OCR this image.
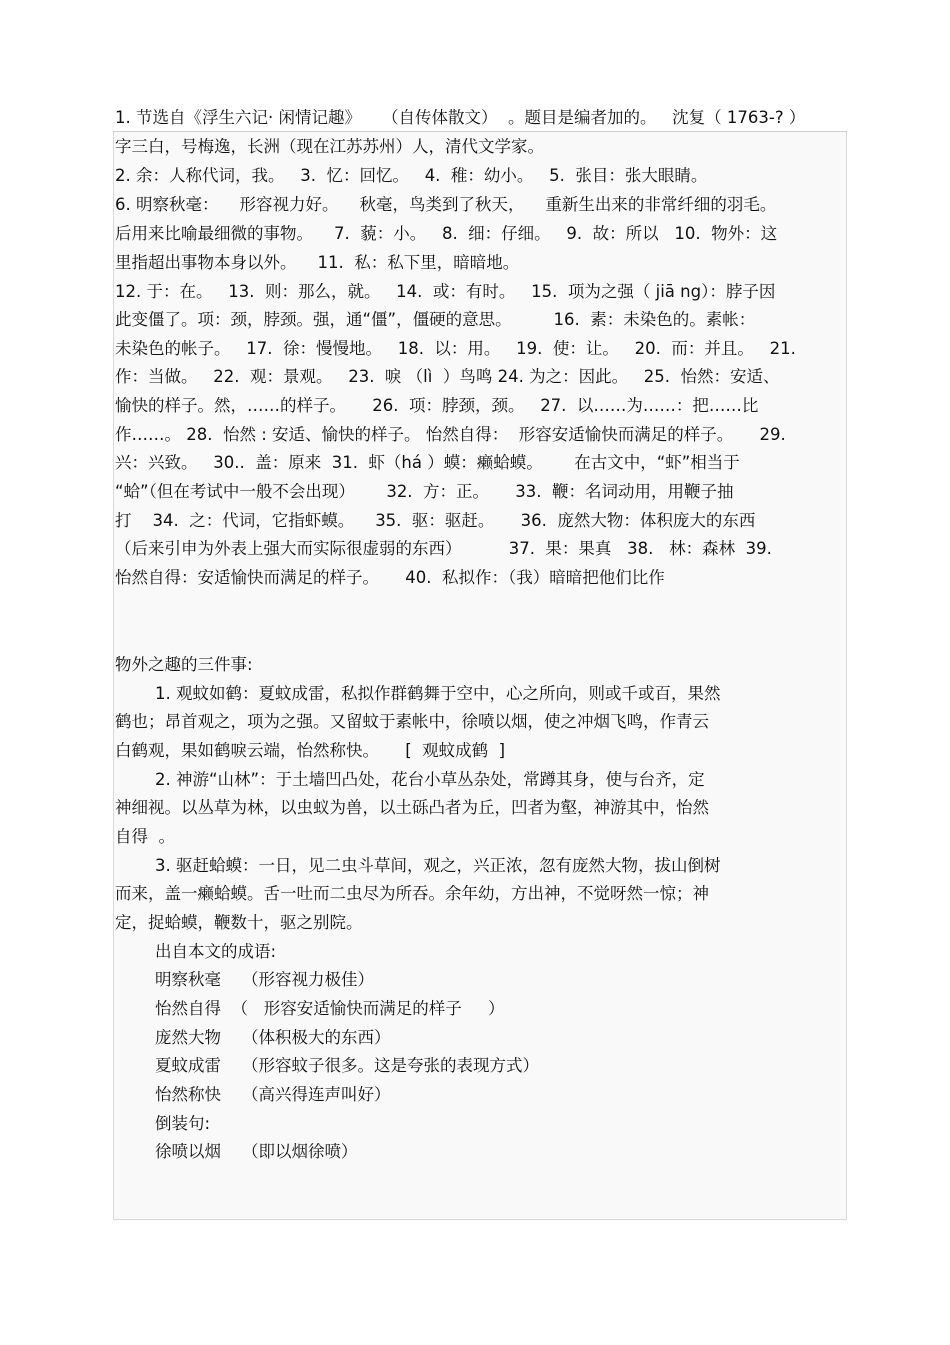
1. 节选自《浮生六记· 闲情记趣》    （自传体散文）  。题目是编者加的。   沈复（ 1763-? ）
字三白，号梅逸，长洲（现在江苏苏州）人，清代文学家。
2. 余：人称代词，我。   3.  忆：回忆。   4.  稚：幼小。   5.  张目：张大眼睛。
6. 明察秋毫：    形容视力好。    秋毫，鸟类到了秋天，    重新生出来的非常纤细的羽毛。
后用来比喻最细微的事物。    7.  藐：小。   8.  细：仔细。   9.  故：所以   10.  物外：这
里指超出事物本身以外。    11.  私：私下里，暗暗地。
12. 于：在。   13.  则：那么，就。   14.  或：有时。   15.  项为之强（ jiā ng）：脖子因
此变僵了。项：颈，脖颈。强，通“僵”，僵硬的意思。        16.  素：未染色的。素帐：
未染色的帐子。   17.  徐：慢慢地。   18.  以：用。   19.  使：让。   20.  而：并且。   21.
作：当做。   22.  观：景观。   23.  唳 （lì  ）鸟鸣 24. 为之：因此。   25.  怡然：安适、
愉快的样子。然，……的样子。     26.  项：脖颈，颈。   27.  以……为……：把……比
作……。 28.  怡然 : 安适、愉快的样子。 怡然自得：  形容安适愉快而满足的样子。     29.
兴：兴致。   30..  盖：原来  31.  虾（há ）蟆：癞蛤蟆。      在古文中，“虾”相当于
“蛤”（但在考试中一般不会出现）      32.  方：正。     33.  鞭：名词动用，用鞭子抽
打    34.  之：代词，它指虾蟆。    35.  驱：驱赶。     36.  庞然大物：体积庞大的东西
（后来引申为外表上强大而实际很虚弱的东西）         37.  果：果真   38.   林：森林  39.
怡然自得：安适愉快而满足的样子。     40.  私拟作：（我）暗暗把他们比作
物外之趣的三件事:
1. 观蚊如鹤：夏蚊成雷，私拟作群鹤舞于空中，心之所向，则或千或百，果然
鹤也；昂首观之，项为之强。又留蚊于素帐中，徐喷以烟，使之冲烟飞鸣，作青云
白鹤观，果如鹤唳云端，怡然称快。     [  观蚊成鹤  ]
2. 神游“山林”：于土墙凹凸处，花台小草丛杂处，常蹲其身，使与台齐，定
神细视。以丛草为林，以虫蚁为兽，以土砾凸者为丘，凹者为壑，神游其中，怡然
自得  。
3. 驱赶蛤蟆：一日，见二虫斗草间，观之，兴正浓，忽有庞然大物，拔山倒树
而来，盖一癞蛤蟆。舌一吐而二虫尽为所吞。余年幼，方出神，不觉呀然一惊；神
定，捉蛤蟆，鞭数十，驱之别院。
出自本文的成语:
明察秋毫    （形容视力极佳）
怡然自得  （   形容安适愉快而满足的样子     ）
庞然大物    （体积极大的东西）
夏蚊成雷    （形容蚊子很多。这是夸张的表现方式）
怡然称快    （高兴得连声叫好）
倒装句:
徐喷以烟    （即以烟徐喷）
